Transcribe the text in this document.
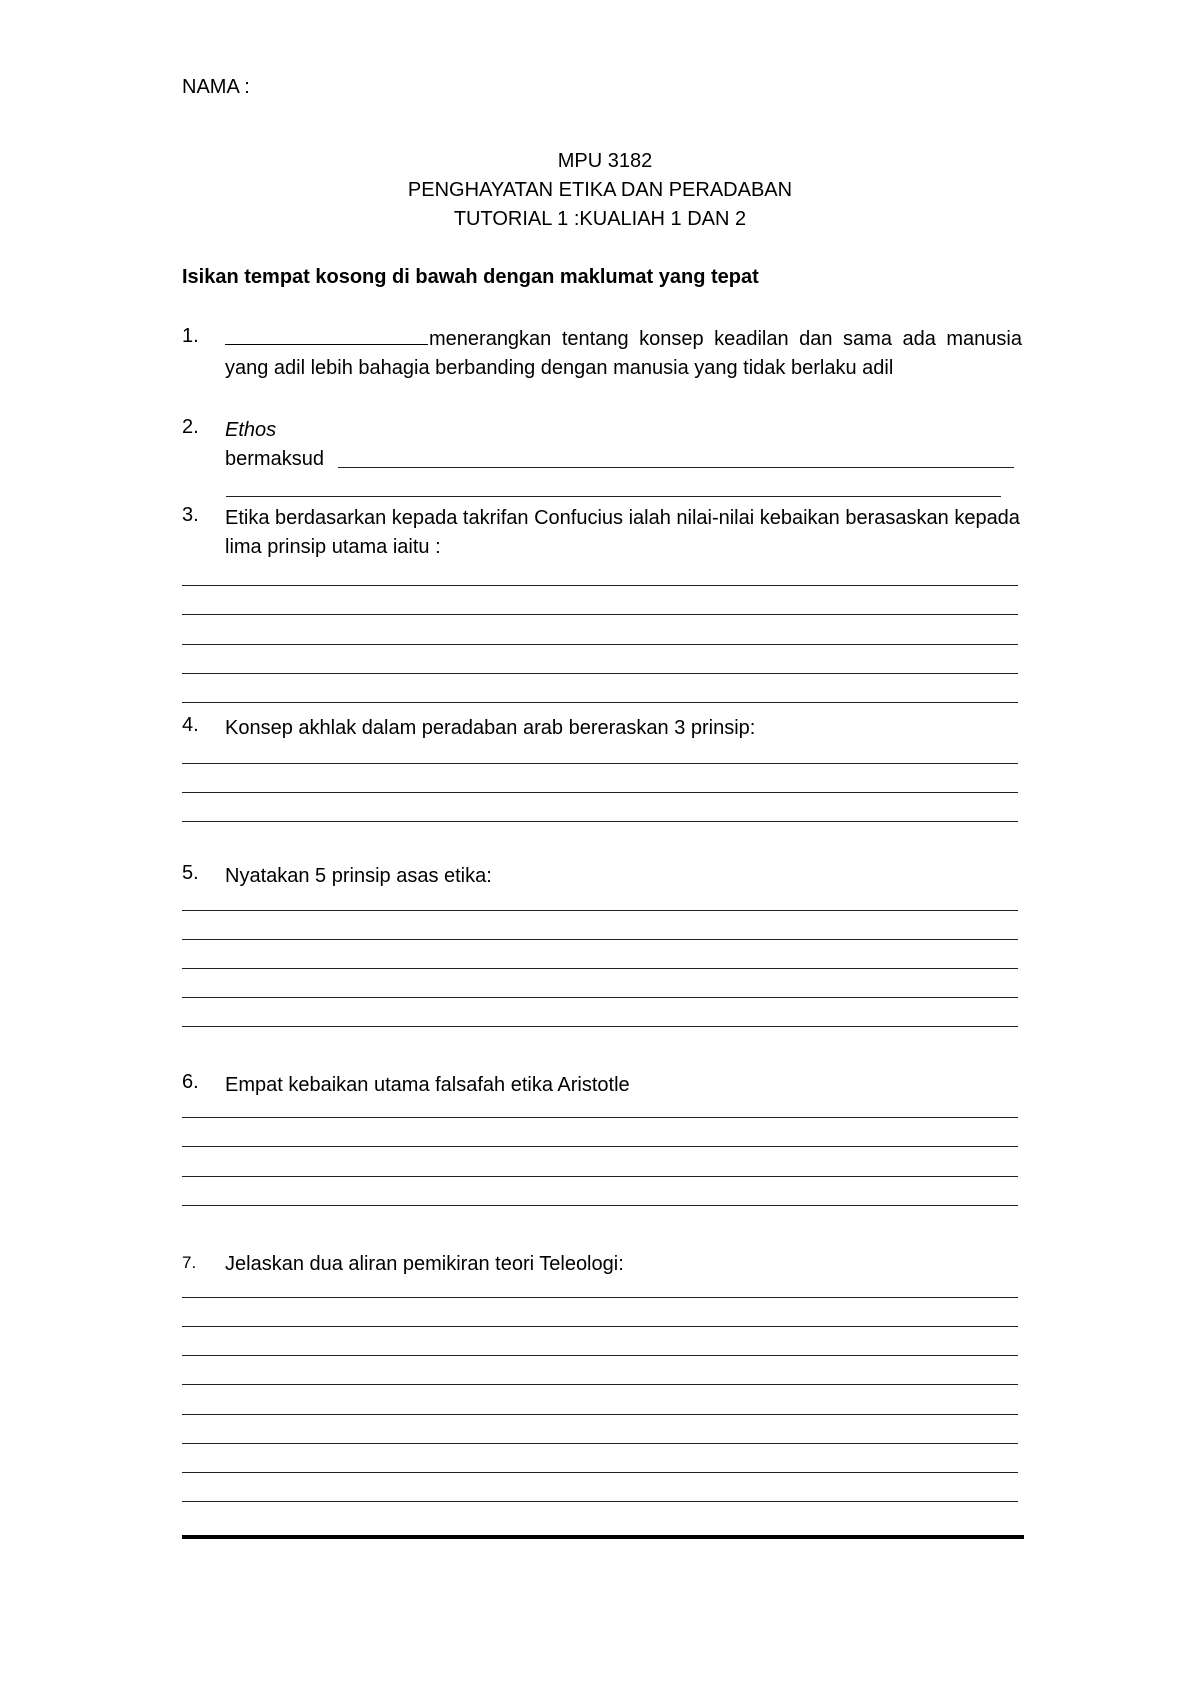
NAMA :
MPU 3182
PENGHAYATAN ETIKA DAN PERADABAN
TUTORIAL 1 :KUALIAH 1 DAN 2
Isikan tempat kosong di bawah dengan maklumat yang tepat
1.	menerangkan tentang konsep keadilan dan sama ada manusia yang adil lebih bahagia berbanding dengan manusia yang tidak berlaku adil
2. Ethos
bermaksud
3. Etika berdasarkan kepada takrifan Confucius ialah nilai-nilai kebaikan berasaskan kepada lima prinsip utama iaitu :
4. Konsep akhlak dalam peradaban arab bereraskan 3 prinsip:
5. Nyatakan 5 prinsip asas etika:
6. Empat kebaikan utama falsafah etika Aristotle
7. Jelaskan dua aliran pemikiran teori Teleologi:
